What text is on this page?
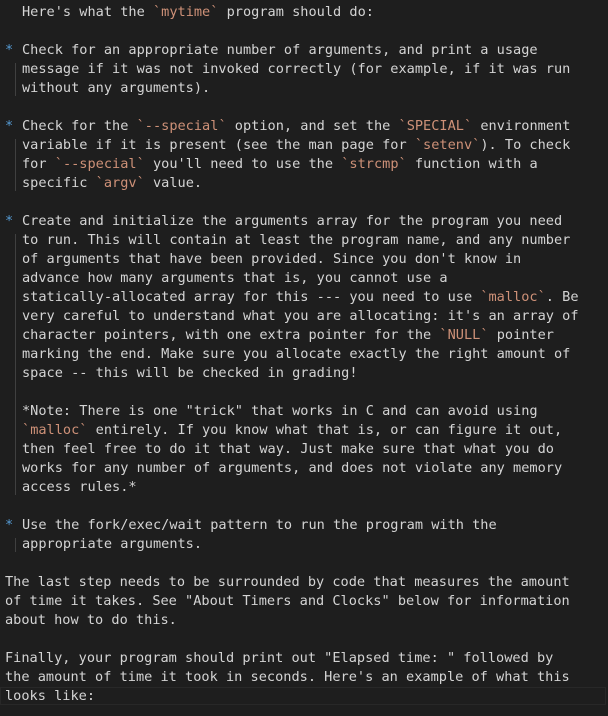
Here's what the `mytime` program should do:
* Check for an appropriate number of arguments, and print a usage
message if it was not invoked correctly (for example, if it was run
without any arguments).
* Check for the `--special` option, and set the `SPECIAL` environment
variable if it is present (see the man page for `setenv`). To check
for `--special` you'll need to use the `strcmp` function with a
specific `argv` value.
* Create and initialize the arguments array for the program you need
to run. This will contain at least the program name, and any number
of arguments that have been provided. Since you don't know in
advance how many arguments that is, you cannot use a
statically-allocated array for this --- you need to use `malloc`. Be
very careful to understand what you are allocating: it's an array of
character pointers, with one extra pointer for the `NULL` pointer
marking the end. Make sure you allocate exactly the right amount of
space -- this will be checked in grading!
*Note: There is one "trick" that works in C and can avoid using
`malloc` entirely. If you know what that is, or can figure it out,
then feel free to do it that way. Just make sure that what you do
works for any number of arguments, and does not violate any memory
access rules.*
* Use the fork/exec/wait pattern to run the program with the
appropriate arguments.
The last step needs to be surrounded by code that measures the amount
of time it takes. See "About Timers and Clocks" below for information
about how to do this.
Finally, your program should print out "Elapsed time: " followed by
the amount of time it took in seconds. Here's an example of what this
looks like:
